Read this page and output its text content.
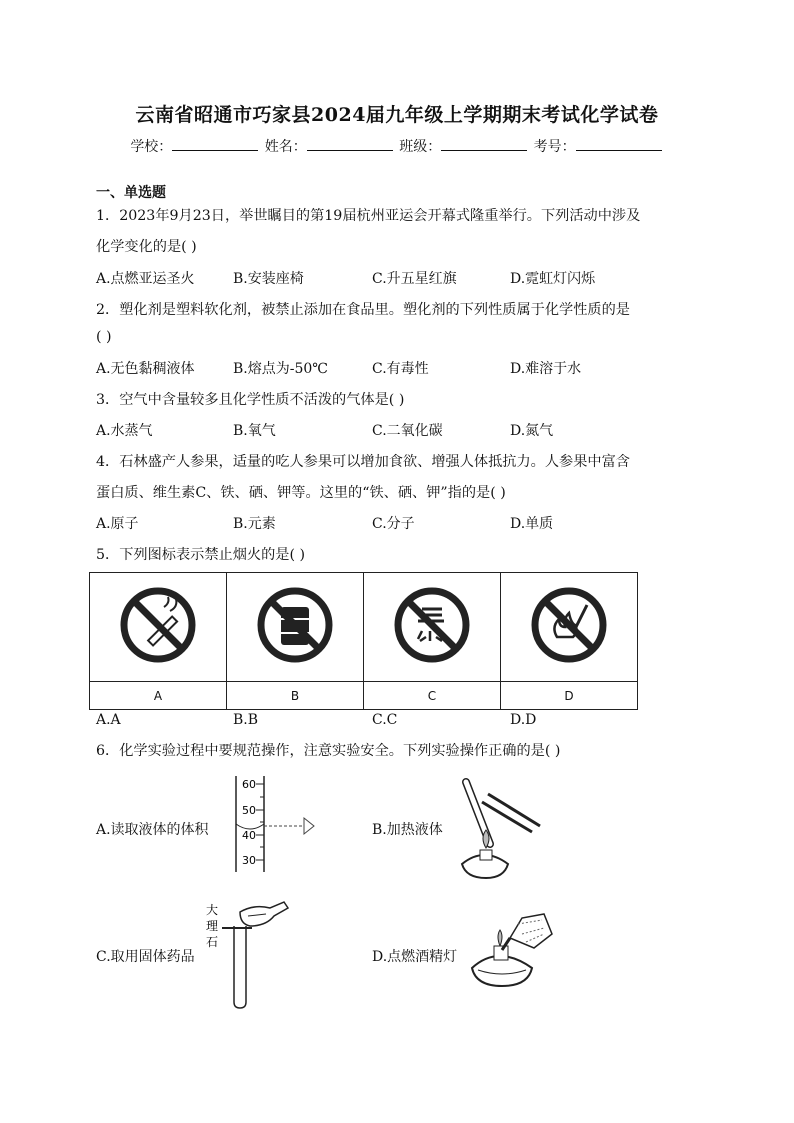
云南省昭通市巧家县2024届九年级上学期期末考试化学试卷
学校：	姓名：	班级：	考号：
一、单选题
1．2023年9月23日，举世瞩目的第19届杭州亚运会开幕式隆重举行。下列活动中涉及
化学变化的是( )
A.点燃亚运圣火	B.安装座椅	C.升五星红旗	D.霓虹灯闪烁
2．塑化剂是塑料软化剂，被禁止添加在食品里。塑化剂的下列性质属于化学性质的是
( )
A.无色黏稠液体	B.熔点为-50℃	C.有毒性	D.难溶于水
3．空气中含量较多且化学性质不活泼的气体是( )
A.水蒸气	B.氧气	C.二氧化碳	D.氮气
4．石林盛产人参果，适量的吃人参果可以增加食欲、增强人体抵抗力。人参果中富含
蛋白质、维生素C、铁、硒、钾等。这里的“铁、硒、钾”指的是( )
A.原子	B.元素	C.分子	D.单质
5．下列图标表示禁止烟火的是( )

A	B	C	D
A.A	B.B	C.C	D.D
6．化学实验过程中要规范操作，注意实验安全。下列实验操作正确的是( )
A.读取液体的体积
60
50
40
30
B.加热液体
C.取用固体药品
大
理
石
D.点燃酒精灯
